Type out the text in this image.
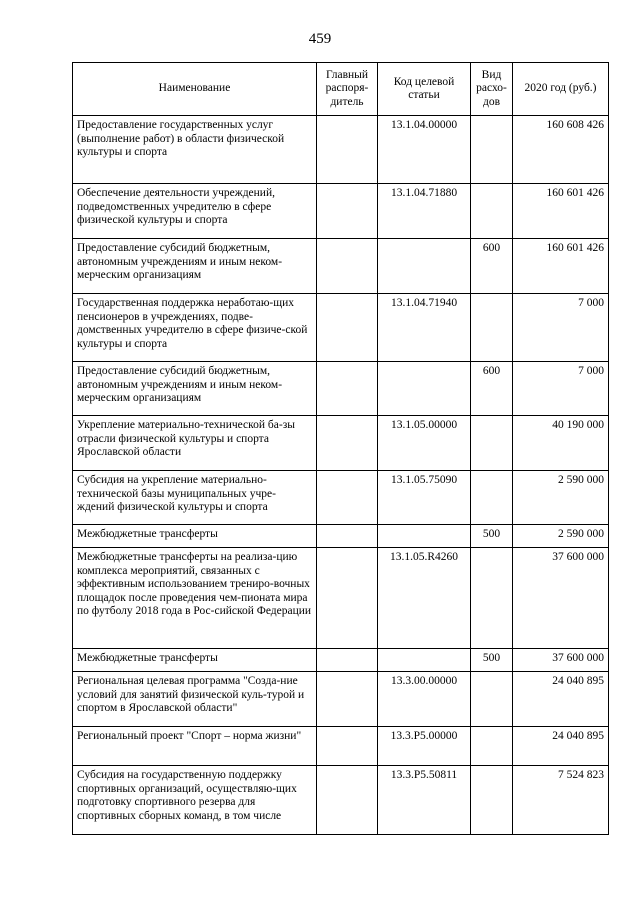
459
Наименование	Главный распоря-дитель	Код целевой статьи	Вид расхо-дов	2020 год (руб.)
Предоставление государственных услуг (выполнение работ) в области физической культуры и спорта		13.1.04.00000		160 608 426
Обеспечение деятельности учреждений, подведомственных учредителю в сфере физической культуры и спорта		13.1.04.71880		160 601 426
Предоставление субсидий бюджетным, автономным учреждениям и иным неком-мерческим организациям			600	160 601 426
Государственная поддержка неработаю-щих пенсионеров в учреждениях, подве-домственных учредителю в сфере физиче-ской культуры и спорта		13.1.04.71940		7 000
Предоставление субсидий бюджетным, автономным учреждениям и иным неком-мерческим организациям			600	7 000
Укрепление материально-технической ба-зы отрасли физической культуры и спорта Ярославской области		13.1.05.00000		40 190 000
Субсидия на укрепление материально-технической базы муниципальных учре-ждений физической культуры и спорта		13.1.05.75090		2 590 000
Межбюджетные трансферты			500	2 590 000
Межбюджетные трансферты на реализа-цию комплекса мероприятий, связанных с эффективным использованием трениро-вочных площадок после проведения чем-пионата мира по футболу 2018 года в Рос-сийской Федерации		13.1.05.R4260		37 600 000
Межбюджетные трансферты			500	37 600 000
Региональная целевая программа "Созда-ние условий для занятий физической куль-турой и спортом в Ярославской области"		13.3.00.00000		24 040 895
Региональный проект "Спорт – норма жизни"		13.3.P5.00000		24 040 895
Субсидия на государственную поддержку спортивных организаций, осуществляю-щих подготовку спортивного резерва для спортивных сборных команд, в том числе		13.3.P5.50811		7 524 823
